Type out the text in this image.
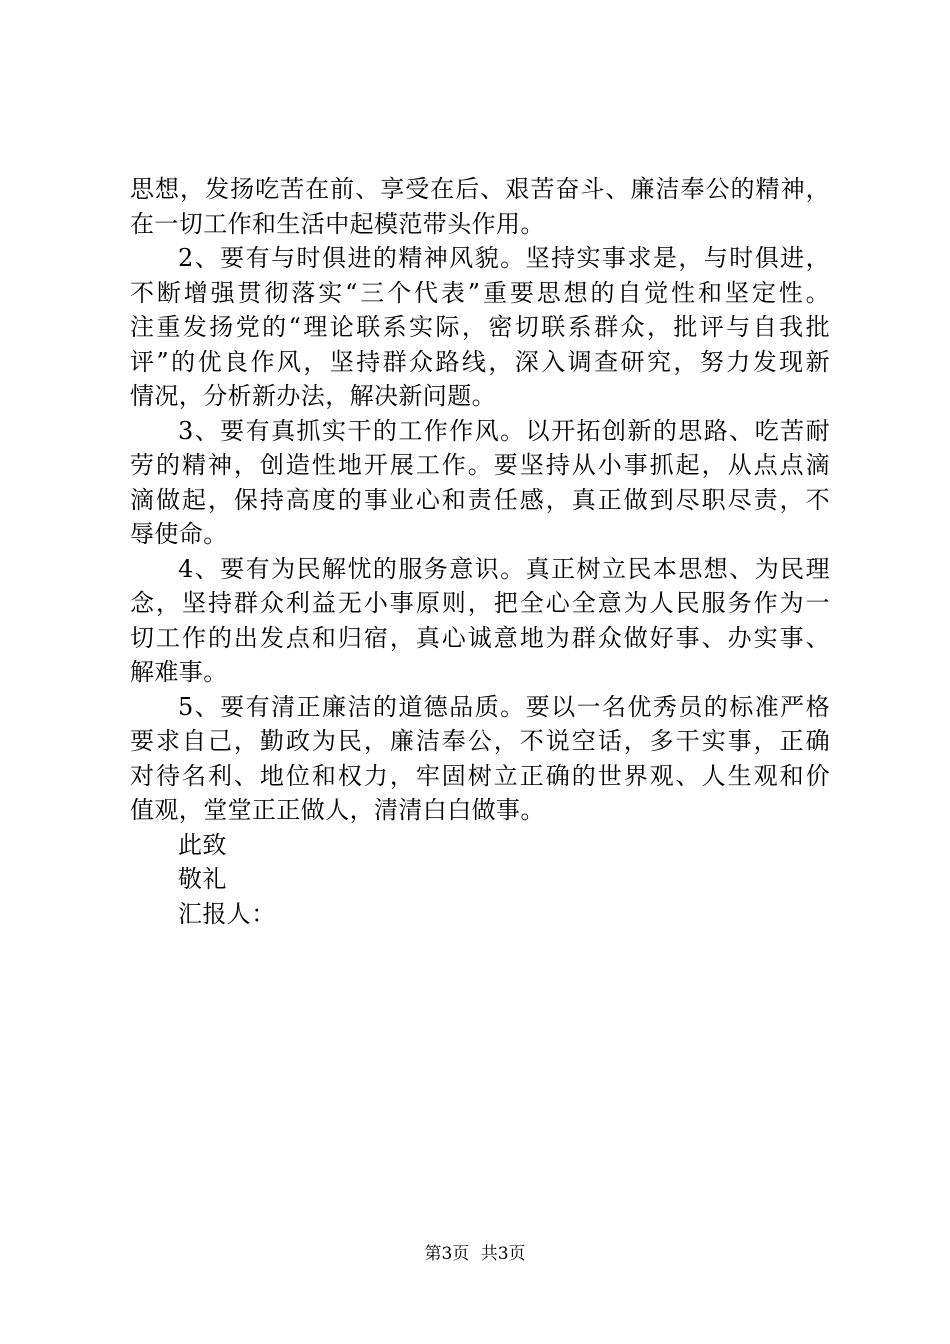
思想，发扬吃苦在前、享受在后、艰苦奋斗、廉洁奉公的精神，
在一切工作和生活中起模范带头作用。
2、要有与时俱进的精神风貌。坚持实事求是，与时俱进，
不断增强贯彻落实“三个代表”重要思想的自觉性和坚定性。
注重发扬党的“理论联系实际，密切联系群众，批评与自我批
评”的优良作风，坚持群众路线，深入调查研究，努力发现新
情况，分析新办法，解决新问题。
3、要有真抓实干的工作作风。以开拓创新的思路、吃苦耐
劳的精神，创造性地开展工作。要坚持从小事抓起，从点点滴
滴做起，保持高度的事业心和责任感，真正做到尽职尽责，不
辱使命。
4、要有为民解忧的服务意识。真正树立民本思想、为民理
念，坚持群众利益无小事原则，把全心全意为人民服务作为一
切工作的出发点和归宿，真心诚意地为群众做好事、办实事、
解难事。
5、要有清正廉洁的道德品质。要以一名优秀员的标准严格
要求自己，勤政为民，廉洁奉公，不说空话，多干实事，正确
对待名利、地位和权力，牢固树立正确的世界观、人生观和价
值观，堂堂正正做人，清清白白做事。
此致
敬礼
汇报人：
第3页 共3页
